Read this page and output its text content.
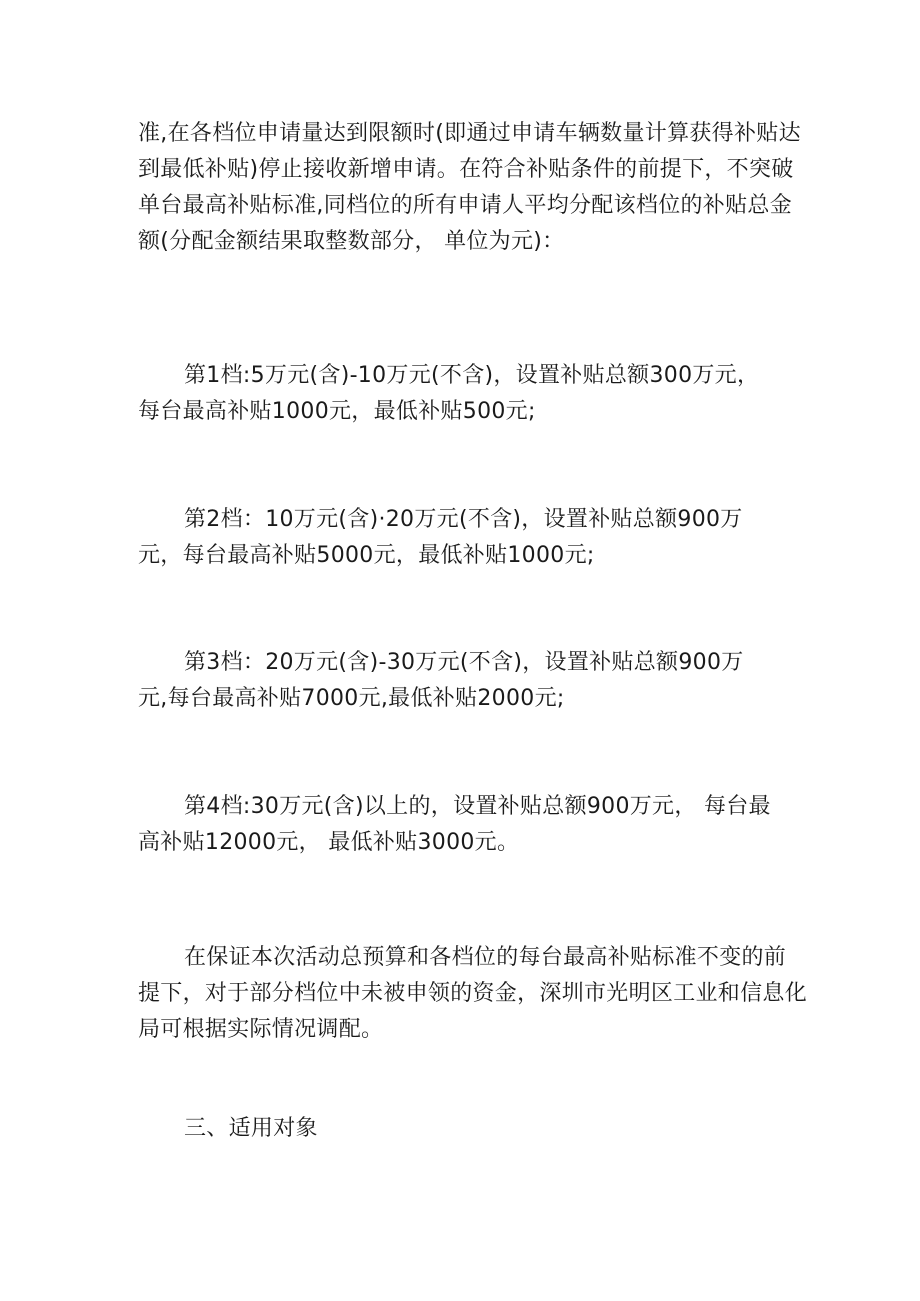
准,在各档位申请量达到限额时(即通过申请车辆数量计算获得补贴达
到最低补贴)停止接收新增申请。在符合补贴条件的前提下，不突破
单台最高补贴标准,同档位的所有申请人平均分配该档位的补贴总金
额(分配金额结果取整数部分， 单位为元)：
第1档:5万元(含)-10万元(不含)，设置补贴总额300万元，
每台最高补贴1000元，最低补贴500元;
第2档：10万元(含)·20万元(不含)，设置补贴总额900万
元，每台最高补贴5000元，最低补贴1000元;
第3档：20万元(含)-30万元(不含)，设置补贴总额900万
元,每台最高补贴7000元,最低补贴2000元;
第4档:30万元(含)以上的，设置补贴总额900万元， 每台最
高补贴12000元， 最低补贴3000元。
在保证本次活动总预算和各档位的每台最高补贴标准不变的前
提下，对于部分档位中未被申领的资金，深圳市光明区工业和信息化
局可根据实际情况调配。
三、适用对象
